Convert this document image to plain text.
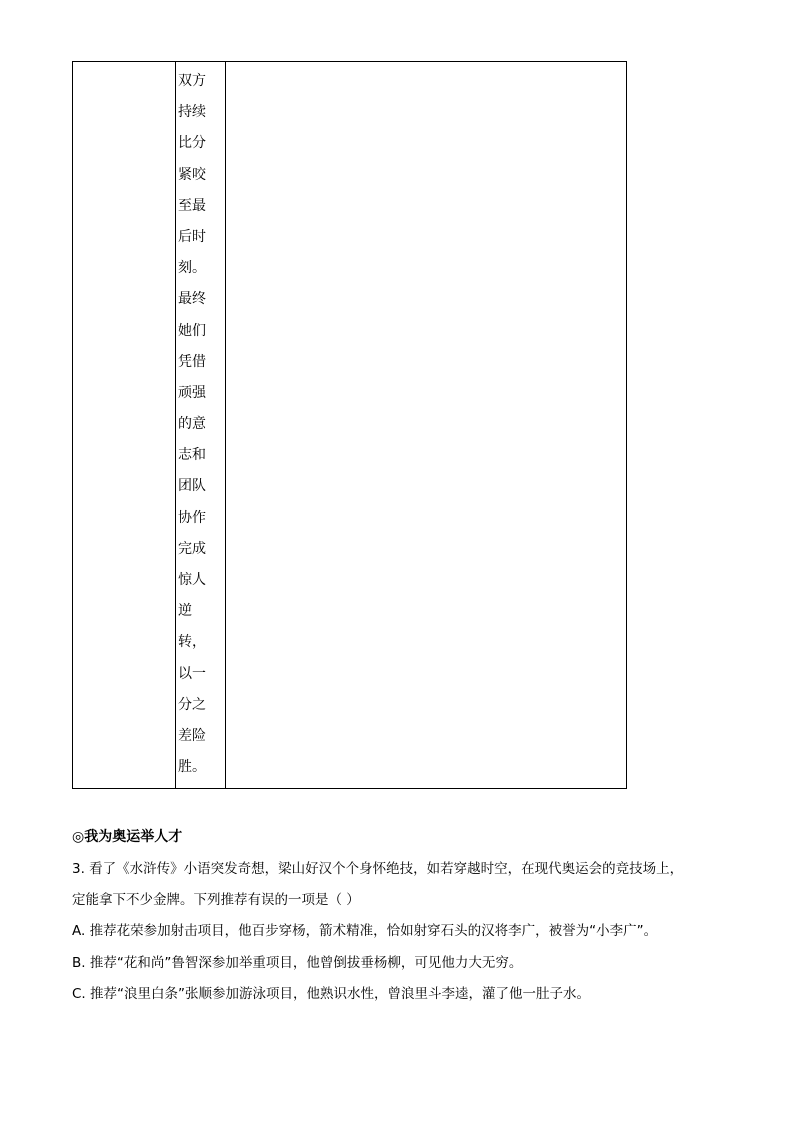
双方
持续
比分
紧咬
至最
后时
刻。
最终
她们
凭借
顽强
的意
志和
团队
协作
完成
惊人
逆
转，
以一
分之
差险
胜。
◎我为奥运举人才
3. 看了《水浒传》小语突发奇想，梁山好汉个个身怀绝技，如若穿越时空，在现代奥运会的竞技场上，
定能拿下不少金牌。下列推荐有误的一项是（ ）
A. 推荐花荣参加射击项目，他百步穿杨，箭术精准，恰如射穿石头的汉将李广，被誉为“小李广”。
B. 推荐“花和尚”鲁智深参加举重项目，他曾倒拔垂杨柳，可见他力大无穷。
C. 推荐“浪里白条”张顺参加游泳项目，他熟识水性，曾浪里斗李逵，灌了他一肚子水。
